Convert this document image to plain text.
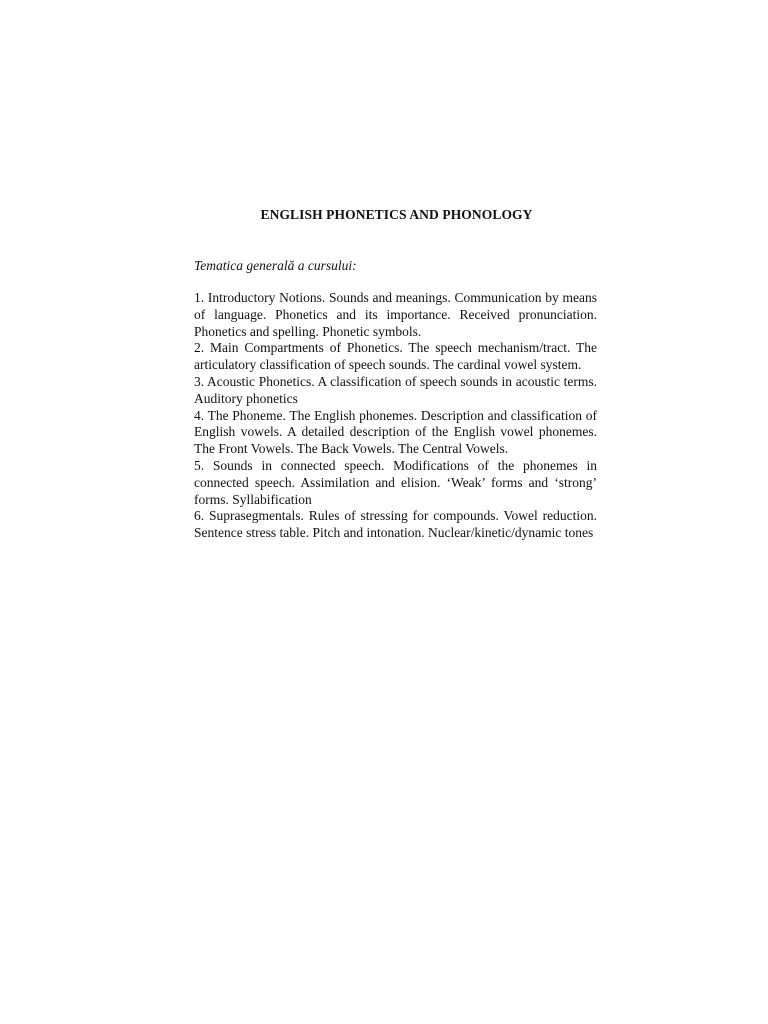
ENGLISH PHONETICS AND PHONOLOGY

Tematica generală a cursului:

1. Introductory Notions. Sounds and meanings. Communication by means of language. Phonetics and its importance. Received pronunciation. Phonetics and spelling. Phonetic symbols.
2. Main Compartments of Phonetics. The speech mechanism/tract. The articulatory classification of speech sounds. The cardinal vowel system.
3. Acoustic Phonetics. A classification of speech sounds in acoustic terms. Auditory phonetics
4. The Phoneme. The English phonemes. Description and classification of English vowels. A detailed description of the English vowel phonemes. The Front Vowels. The Back Vowels. The Central Vowels.
5. Sounds in connected speech. Modifications of the phonemes in connected speech. Assimilation and elision. ‘Weak’ forms and ‘strong’ forms. Syllabification
6. Suprasegmentals. Rules of stressing for compounds. Vowel reduction. Sentence stress table. Pitch and intonation. Nuclear/kinetic/dynamic tones
